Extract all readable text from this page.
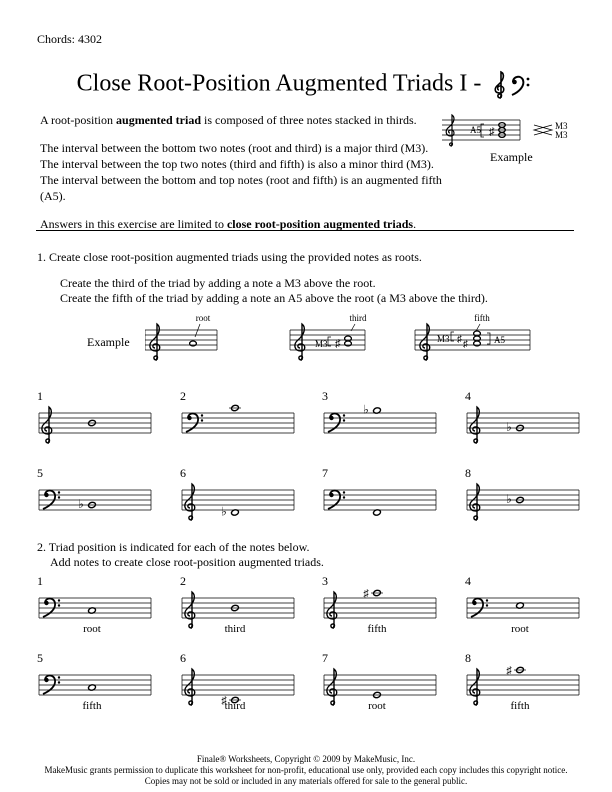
Chords: 4302
Close Root-Position Augmented Triads I -

A root-position augmented triad is composed of three notes stacked in thirds.

The interval between the bottom two notes (root and third) is a major third (M3).

The interval between the top two notes (third and fifth) is also a minor third (M3).

The interval between the bottom and top notes (root and fifth) is an augmented fifth (A5).

Answers in this exercise are limited to close root-position augmented triads.

A5 ♯	M3
M3
Example
1. Create close root-position augmented triads using the provided notes as roots.
Create the third of the triad by adding a note a M3 above the root.
Create the fifth of the triad by adding a note an A5 above the root (a M3 above the third).
Example
root	third
M3 ♯
fifth
M3 ♯ ♯	A5
1	2	3
♭
4
♭
5
♭
6
♭
7	8
♭
2. Triad position is indicated for each of the notes below.
Add notes to create close root-position augmented triads.
1
root
2
third
3
♯
fifth
4
root
5
fifth
6
♯
third
7
root
8
♯
fifth

Finale® Worksheets, Copyright © 2009 by MakeMusic, Inc.

MakeMusic grants permission to duplicate this worksheet for non-profit, educational use only, provided each copy includes this copyright notice.

Copies may not be sold or included in any materials offered for sale to the general public.
